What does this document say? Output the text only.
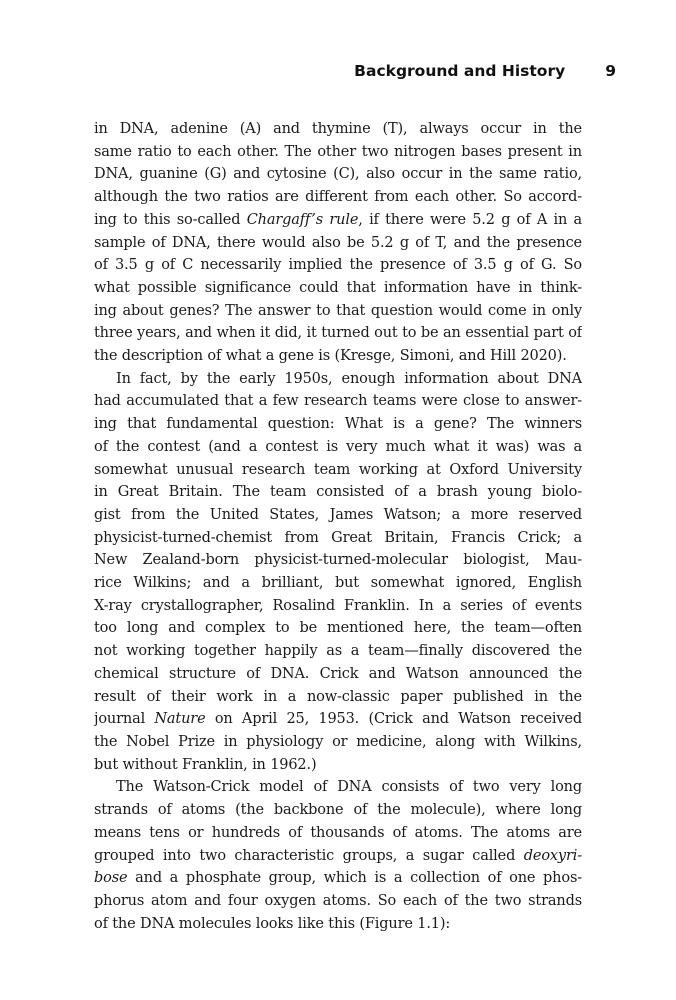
Background and History	9
in DNA, adenine (A) and thymine (T), always occur in the
same ratio to each other. The other two nitrogen bases present in
DNA, guanine (G) and cytosine (C), also occur in the same ratio,
although the two ratios are different from each other. So accord-
ing to this so-called Chargaff’s rule, if there were 5.2 g of A in a
sample of DNA, there would also be 5.2 g of T, and the presence
of 3.5 g of C necessarily implied the presence of 3.5 g of G. So
what possible significance could that information have in think-
ing about genes? The answer to that question would come in only
three years, and when it did, it turned out to be an essential part of
the description of what a gene is (Kresge, Simoni, and Hill 2020).
In fact, by the early 1950s, enough information about DNA
had accumulated that a few research teams were close to answer-
ing that fundamental question: What is a gene? The winners
of the contest (and a contest is very much what it was) was a
somewhat unusual research team working at Oxford University
in Great Britain. The team consisted of a brash young biolo-
gist from the United States, James Watson; a more reserved
physicist-turned-chemist from Great Britain, Francis Crick; a
New Zealand-born physicist-turned-molecular biologist, Mau-
rice Wilkins; and a brilliant, but somewhat ignored, English
X-ray crystallographer, Rosalind Franklin. In a series of events
too long and complex to be mentioned here, the team—often
not working together happily as a team—finally discovered the
chemical structure of DNA. Crick and Watson announced the
result of their work in a now-classic paper published in the
journal Nature on April 25, 1953. (Crick and Watson received
the Nobel Prize in physiology or medicine, along with Wilkins,
but without Franklin, in 1962.)
The Watson-Crick model of DNA consists of two very long
strands of atoms (the backbone of the molecule), where long
means tens or hundreds of thousands of atoms. The atoms are
grouped into two characteristic groups, a sugar called deoxyri-
bose and a phosphate group, which is a collection of one phos-
phorus atom and four oxygen atoms. So each of the two strands
of the DNA molecules looks like this (Figure 1.1):
